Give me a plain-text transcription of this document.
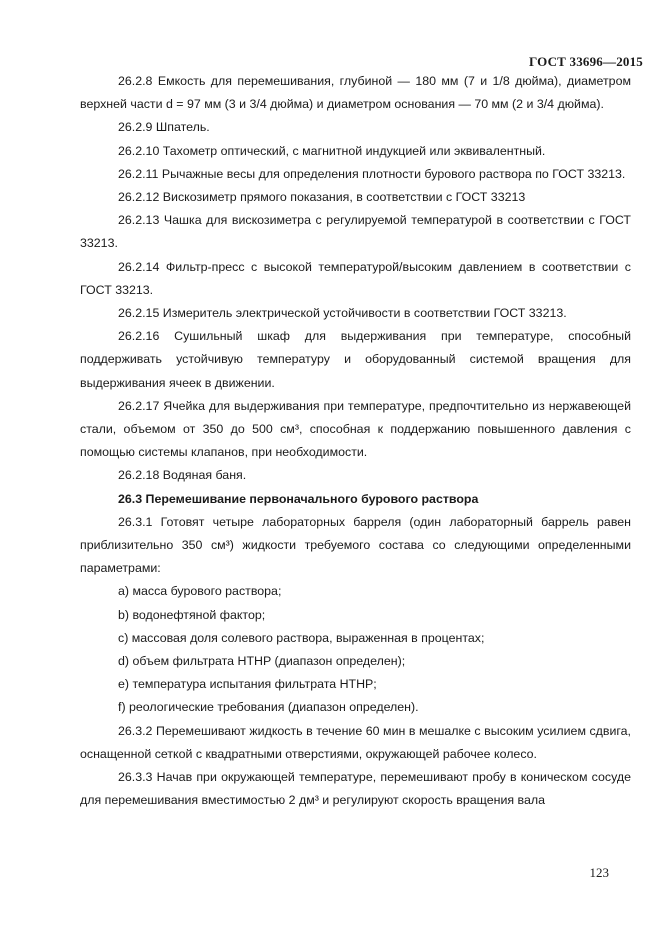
ГОСТ 33696—2015

26.2.8 Емкость для перемешивания, глубиной — 180 мм (7 и 1/8 дюйма), диаметром верхней части d = 97 мм (3 и 3/4 дюйма) и диаметром основания — 70 мм (2 и 3/4 дюйма).

26.2.9 Шпатель.

26.2.10 Тахометр оптический, с магнитной индукцией или эквивалентный.

26.2.11 Рычажные весы для определения плотности бурового раствора по ГОСТ 33213.

26.2.12 Вискозиметр прямого показания, в соответствии с ГОСТ 33213

26.2.13 Чашка для вискозиметра с регулируемой температурой в соответствии с ГОСТ 33213.

26.2.14 Фильтр-пресс с высокой температурой/высоким давлением в соответствии с ГОСТ 33213.

26.2.15 Измеритель электрической устойчивости в соответствии ГОСТ 33213.

26.2.16 Сушильный шкаф для выдерживания при температуре, способный поддерживать устойчивую температуру и оборудованный системой вращения для выдерживания ячеек в движении.

26.2.17 Ячейка для выдерживания при температуре, предпочтительно из нержавеющей стали, объемом от 350 до 500 см³, способная к поддержанию повышенного давления с помощью системы клапанов, при необходимости.

26.2.18 Водяная баня.

26.3 Перемешивание первоначального бурового раствора

26.3.1 Готовят четыре лабораторных барреля (один лабораторный баррель равен приблизительно 350 см³) жидкости требуемого состава со следующими определенными параметрами:

а) масса бурового раствора;

b) водонефтяной фактор;

с) массовая доля солевого раствора, выраженная в процентах;

d) объем фильтрата HTHP (диапазон определен);

е) температура испытания фильтрата HTHP;

f) реологические требования (диапазон определен).

26.3.2 Перемешивают жидкость в течение 60 мин в мешалке с высоким усилием сдвига, оснащенной сеткой с квадратными отверстиями, окружающей рабочее колесо.

26.3.3 Начав при окружающей температуре, перемешивают пробу в коническом сосуде для перемешивания вместимостью 2 дм³ и регулируют скорость вращения вала

123
